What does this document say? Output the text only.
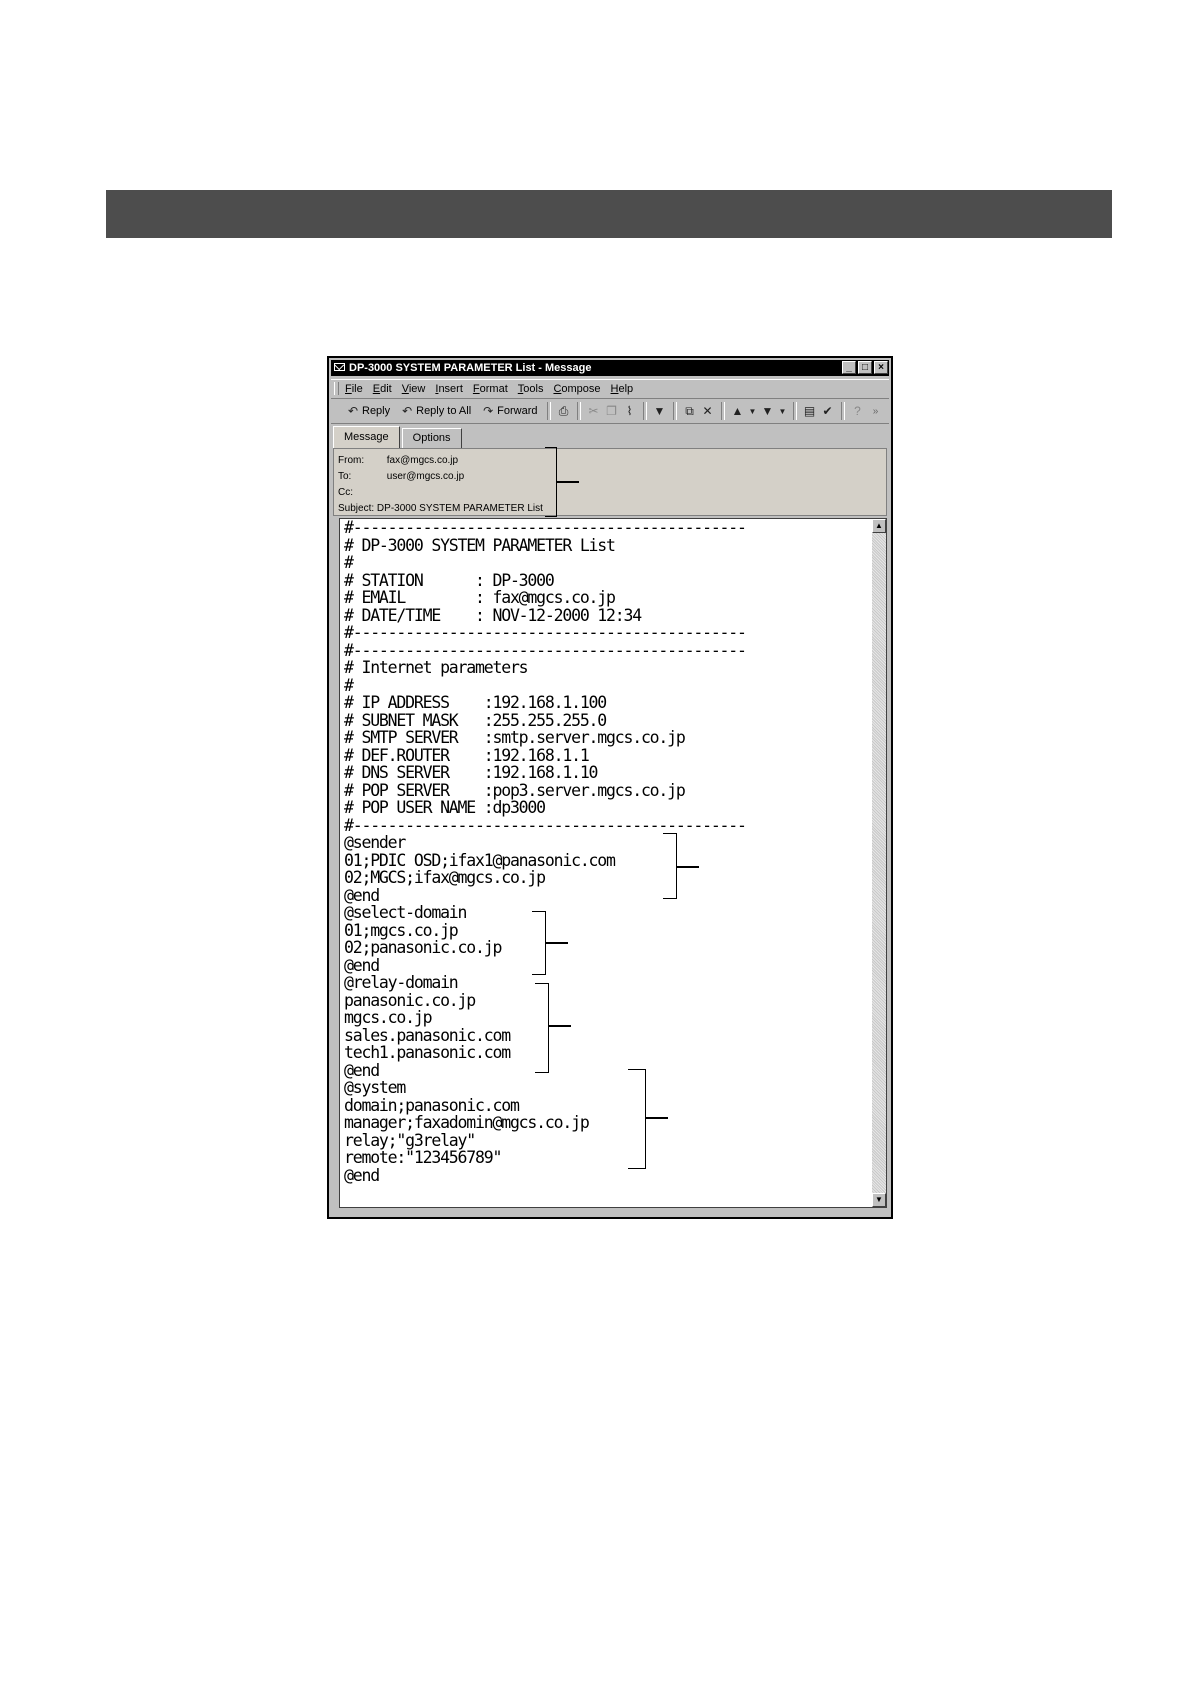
DP-3000 SYSTEM PARAMETER List - Message	_	□	×
File Edit View Insert Format Tools Compose Help
↶ Reply ↶ Reply to All ↷ Forward ⎙ ✂ ❐ ⌇	▼ ⧉ ✕ ▲ ▼ ▼ ▼ ▤ ✔	?	»
Message	Options
From: fax@mgcs.co.jp
To:	user@mgcs.co.jp
Cc:
Subject: DP-3000 SYSTEM PARAMETER List
#---------------------------------------------
# DP-3000 SYSTEM PARAMETER List
#
# STATION      : DP-3000
# EMAIL        : fax@mgcs.co.jp
# DATE/TIME    : NOV-12-2000 12:34
#---------------------------------------------
#---------------------------------------------
# Internet parameters
#
# IP ADDRESS    :192.168.1.100
# SUBNET MASK   :255.255.255.0
# SMTP SERVER   :smtp.server.mgcs.co.jp
# DEF.ROUTER    :192.168.1.1
# DNS SERVER    :192.168.1.10
# POP SERVER    :pop3.server.mgcs.co.jp
# POP USER NAME :dp3000
#---------------------------------------------
@sender
01;PDIC OSD;ifax1@panasonic.com
02;MGCS;ifax@mgcs.co.jp
@end
@select-domain
01;mgcs.co.jp
02;panasonic.co.jp
@end
@relay-domain
panasonic.co.jp
mgcs.co.jp
sales.panasonic.com
tech1.panasonic.com
@end
@system
domain;panasonic.com
manager;faxadomin@mgcs.co.jp
relay;"g3relay"
remote:"123456789"
@end
▲
▼
